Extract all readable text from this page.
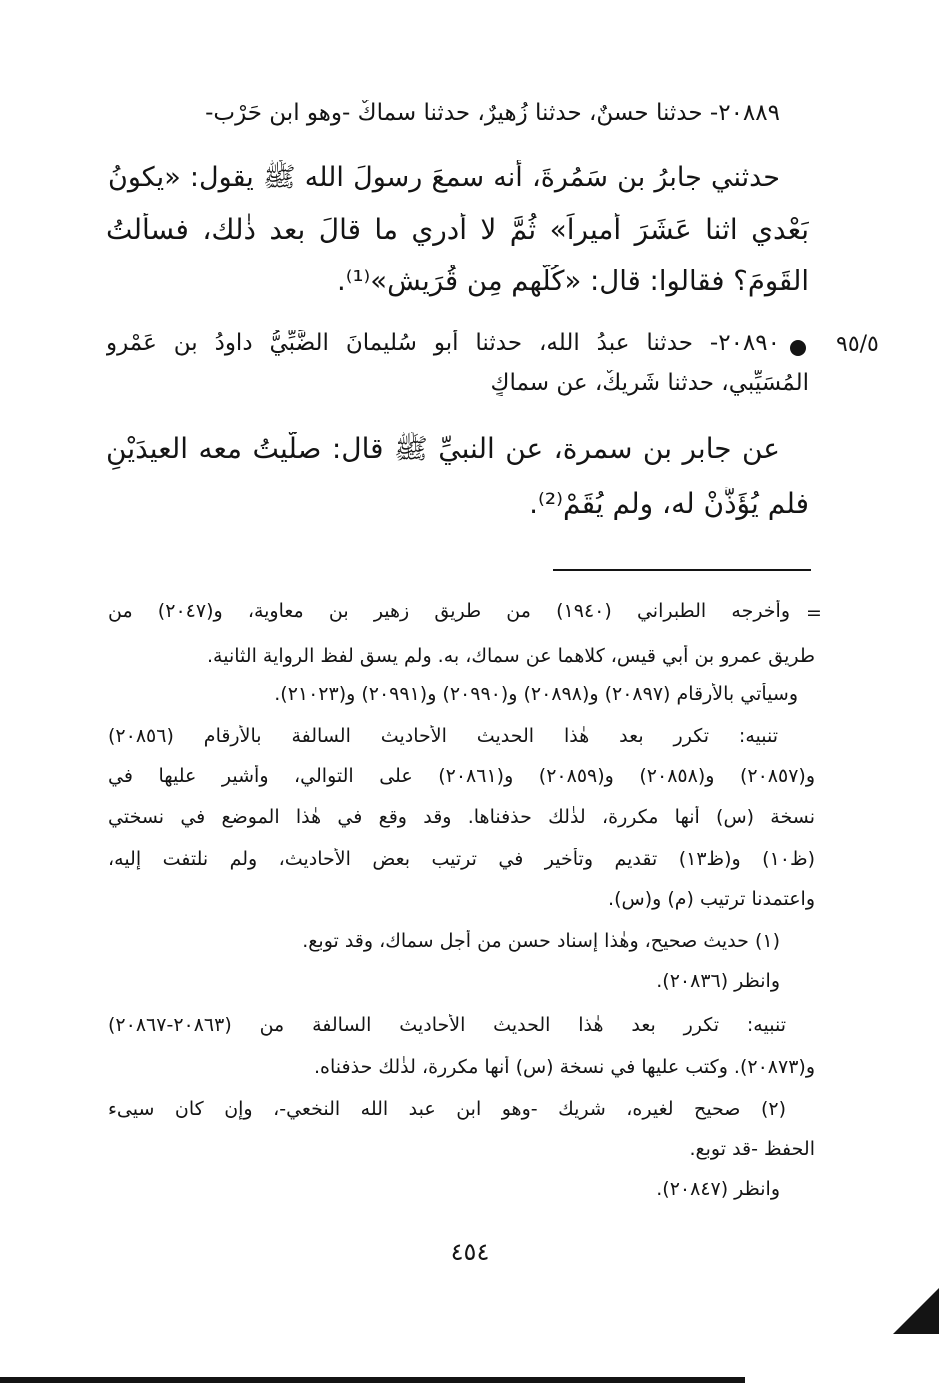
٢٠٨٨٩- حدثنا حسنٌ، حدثنا زُهيرٌ، حدثنا سماكٌ -وهو ابن حَرْب-
حدثني جابرُ بن سَمُرةَ، أنه سمعَ رسولَ الله ﷺ يقول: «يكونُ
بَعْدي اثنا عَشَرَ أَميراً» ثُمَّ لا أدري ما قالَ بعد ذٰلك، فسألتُ
القَومَ؟ فقالوا: قال: «كُلُّهم مِن قُرَيشٍ»⁽¹⁾.
٩٥/٥
٢٠٨٩٠- حدثنا عبدُ الله، حدثنا أبو سُليمانَ الضَّبِّيُّ داودُ بن عَمْرو
المُسَيِّبي، حدثنا شَريكٌ، عن سماكٍ
عن جابر بن سمرة، عن النبيِّ ﷺ قال: صلَّيتُ معه العيدَيْنِ
فلم يُؤَذَّنْ له، ولم يُقَمْ⁽²⁾.
=
وأخرجه الطبراني (١٩٤٠) من طريق زهير بن معاوية، و(٢٠٤٧) من
طريق عمرو بن أبي قيس، كلاهما عن سماك، به. ولم يسق لفظ الرواية الثانية.
وسيأتي بالأرقام (٢٠٨٩٧) و(٢٠٨٩٨) و(٢٠٩٩٠) و(٢٠٩٩١) و(٢١٠٢٣).
تنبيه: تكرر بعد هٰذا الحديث الأحاديث السالفة بالأرقام (٢٠٨٥٦)
و(٢٠٨٥٧) و(٢٠٨٥٨) و(٢٠٨٥٩) و(٢٠٨٦١) على التوالي، وأشير عليها في
نسخة (س) أنها مكررة، لذٰلك حذفناها. وقد وقع في هٰذا الموضع في نسختي
(ظ١٠) و(ظ١٣) تقديم وتأخير في ترتيب بعض الأحاديث، ولم نلتفت إليه،
واعتمدنا ترتيب (م) و(س).
(١) حديث صحيح، وهٰذا إسناد حسن من أجل سماك، وقد توبع.
وانظر (٢٠٨٣٦).
تنبيه: تكرر بعد هٰذا الحديث الأحاديث السالفة من (٢٠٨٦٣-٢٠٨٦٧)
و(٢٠٨٧٣). وكتب عليها في نسخة (س) أنها مكررة، لذٰلك حذفناه.
(٢) صحيح لغيره، شريك -وهو ابن عبد الله النخعي-، وإن كان سيىء
الحفظ -قد توبع.
وانظر (٢٠٨٤٧).
٤٥٤
